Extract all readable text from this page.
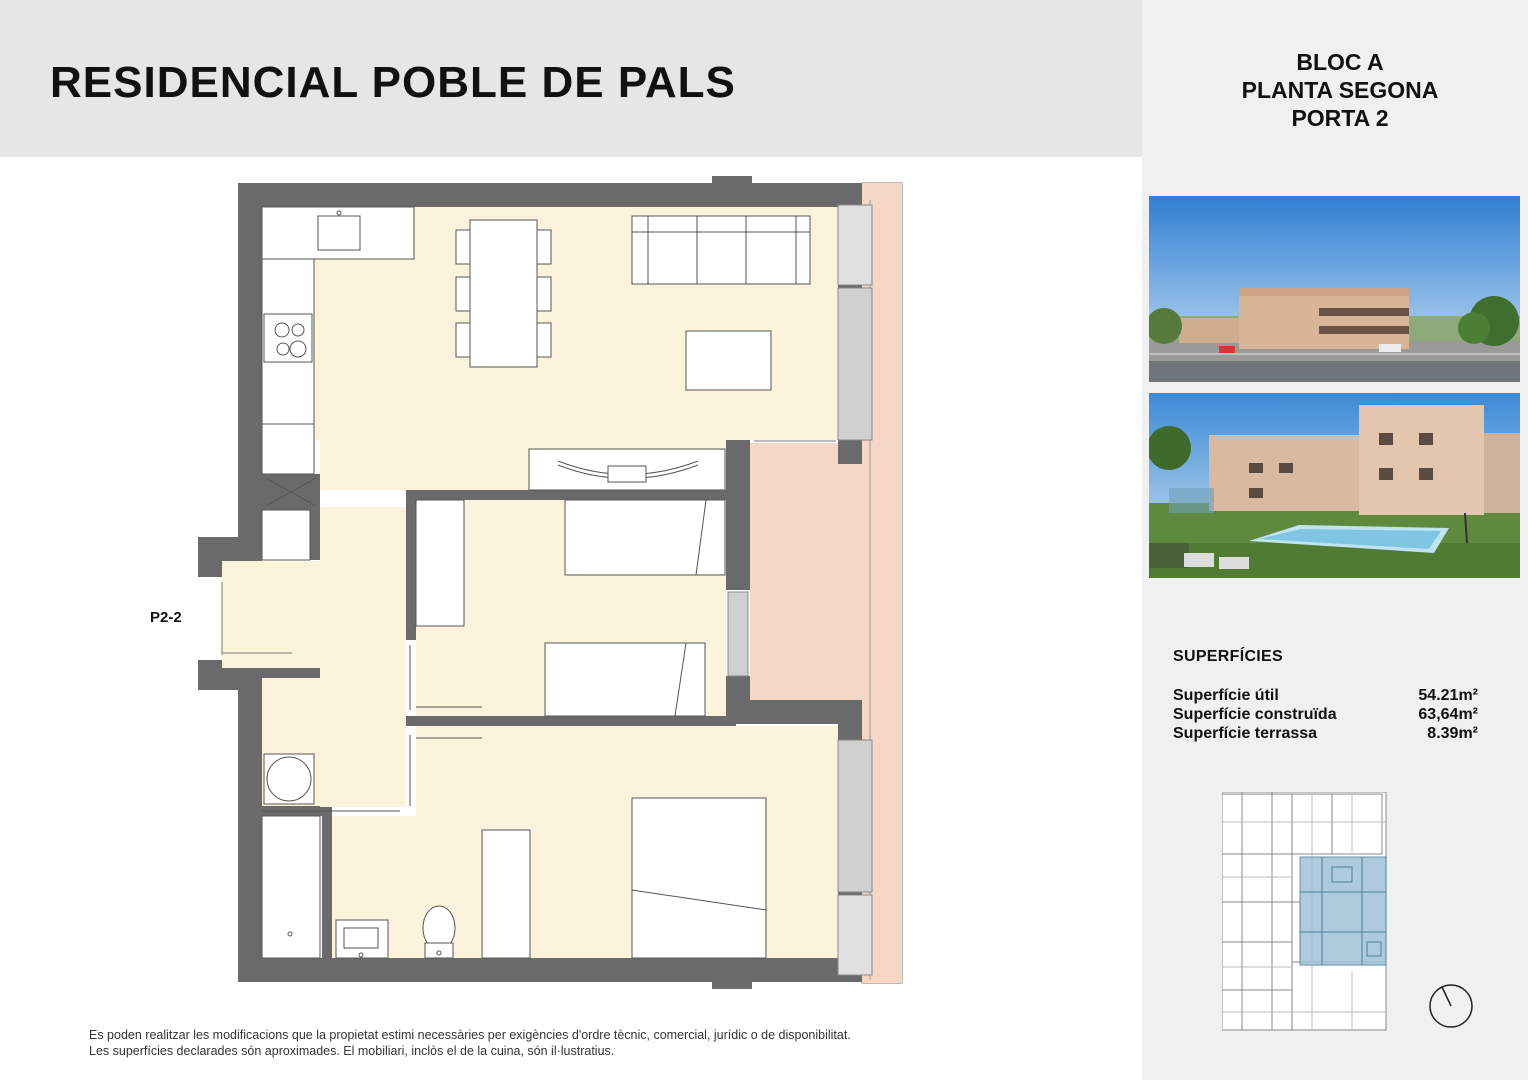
RESIDENCIAL POBLE DE PALS
P2-2
Es poden realitzar les modificacions que la propietat estimi necessàries per exigències d'ordre tècnic, comercial, jurídic o de disponibilitat.
Les superfícies declarades són aproximades. El mobiliari, inclòs el de la cuina, són il·lustratius.
BLOC A
PLANTA SEGONA
PORTA 2
SUPERFÍCIES
Superfície útil	54.21m²
Superfície construïda	63,64m²
Superfície terrassa	8.39m²
